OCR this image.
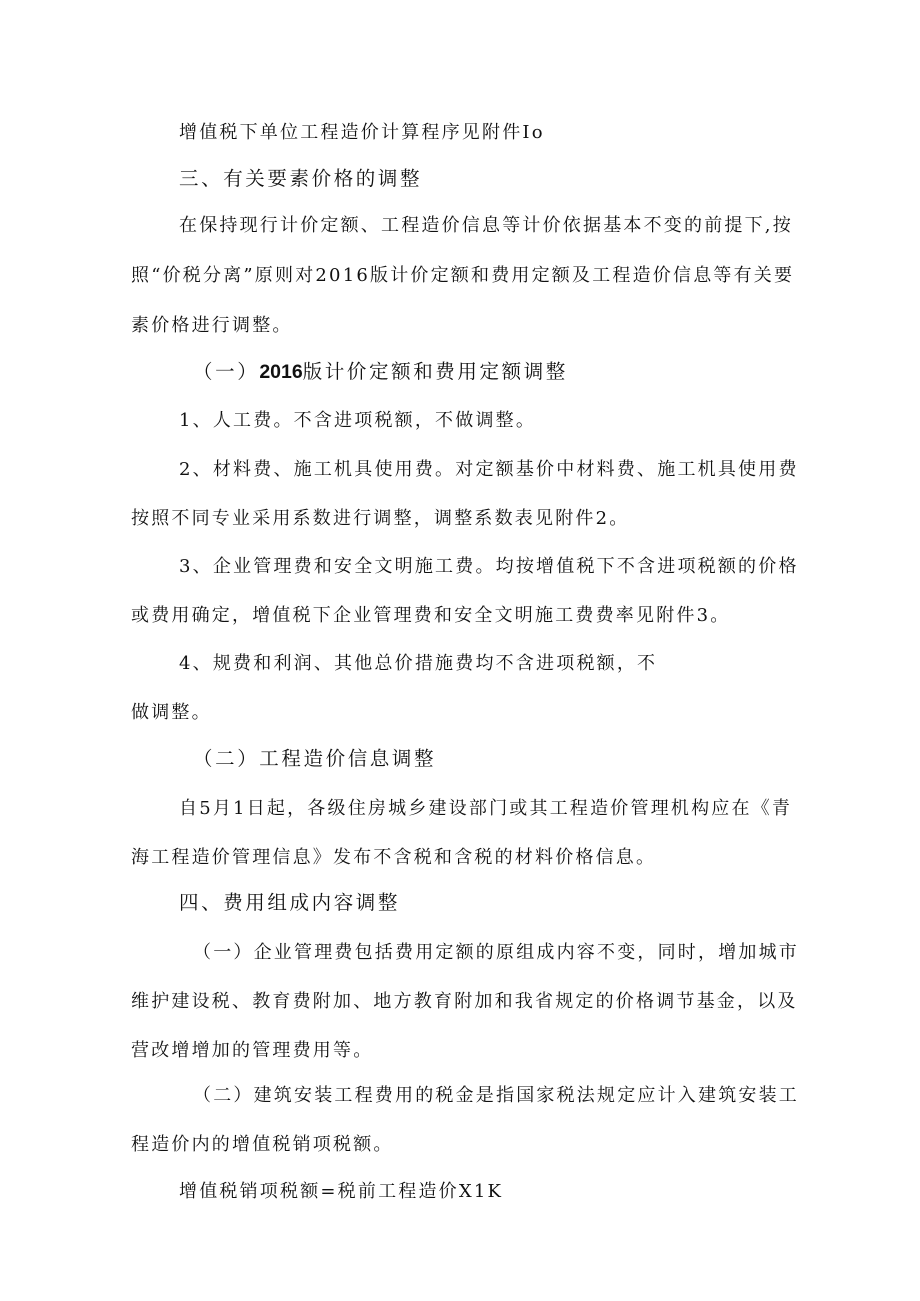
增值税下单位工程造价计算程序见附件Io
三、有关要素价格的调整
在保持现行计价定额、工程造价信息等计价依据基本不变的前提下,按
照“价税分离”原则对2016版计价定额和费用定额及工程造价信息等有关要
素价格进行调整。
（一）2016版计价定额和费用定额调整
1、人工费。不含进项税额，不做调整。
2、材料费、施工机具使用费。对定额基价中材料费、施工机具使用费
按照不同专业采用系数进行调整，调整系数表见附件2。
3、企业管理费和安全文明施工费。均按增值税下不含进项税额的价格
或费用确定，增值税下企业管理费和安全文明施工费费率见附件3。
4、规费和利润、其他总价措施费均不含进项税额，不
做调整。
（二）工程造价信息调整
自5月1日起，各级住房城乡建设部门或其工程造价管理机构应在《青
海工程造价管理信息》发布不含税和含税的材料价格信息。
四、费用组成内容调整
（一）企业管理费包括费用定额的原组成内容不变，同时，增加城市
维护建设税、教育费附加、地方教育附加和我省规定的价格调节基金，以及
营改增增加的管理费用等。
（二）建筑安装工程费用的税金是指国家税法规定应计入建筑安装工
程造价内的增值税销项税额。
增值税销项税额=税前工程造价X1K
